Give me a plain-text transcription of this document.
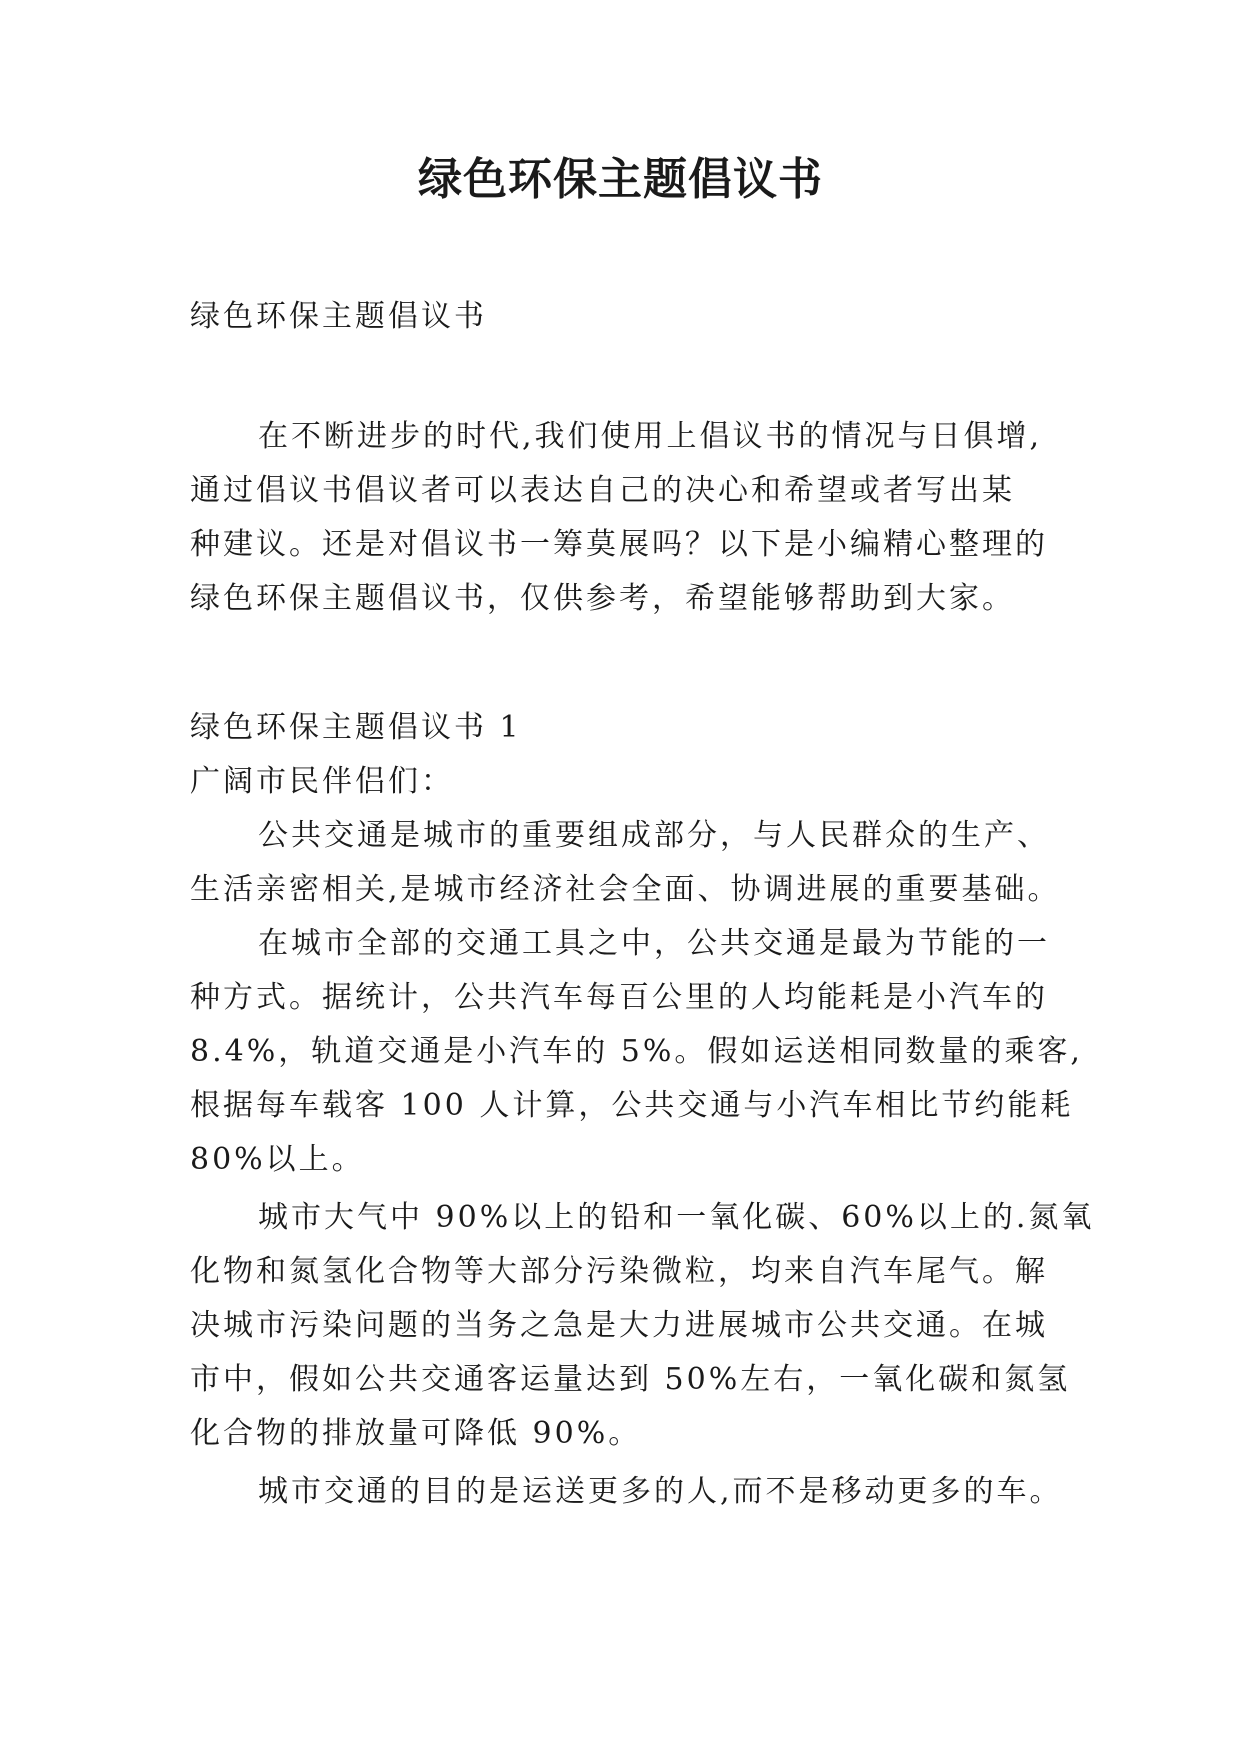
绿色环保主题倡议书

绿色环保主题倡议书

在不断进步的时代,我们使用上倡议书的情况与日俱增,
通过倡议书倡议者可以表达自己的决心和希望或者写出某
种建议。还是对倡议书一筹莫展吗？以下是小编精心整理的
绿色环保主题倡议书，仅供参考，希望能够帮助到大家。

绿色环保主题倡议书 1

广阔市民伴侣们：

公共交通是城市的重要组成部分，与人民群众的生产、
生活亲密相关,是城市经济社会全面、协调进展的重要基础。
在城市全部的交通工具之中，公共交通是最为节能的一
种方式。据统计，公共汽车每百公里的人均能耗是小汽车的
8.4%，轨道交通是小汽车的 5%。假如运送相同数量的乘客,
根据每车载客 100 人计算，公共交通与小汽车相比节约能耗
80%以上。
城市大气中 90%以上的铅和一氧化碳、60%以上的.氮氧
化物和氮氢化合物等大部分污染微粒，均来自汽车尾气。解
决城市污染问题的当务之急是大力进展城市公共交通。在城
市中，假如公共交通客运量达到 50%左右，一氧化碳和氮氢
化合物的排放量可降低 90%。
城市交通的目的是运送更多的人,而不是移动更多的车。
